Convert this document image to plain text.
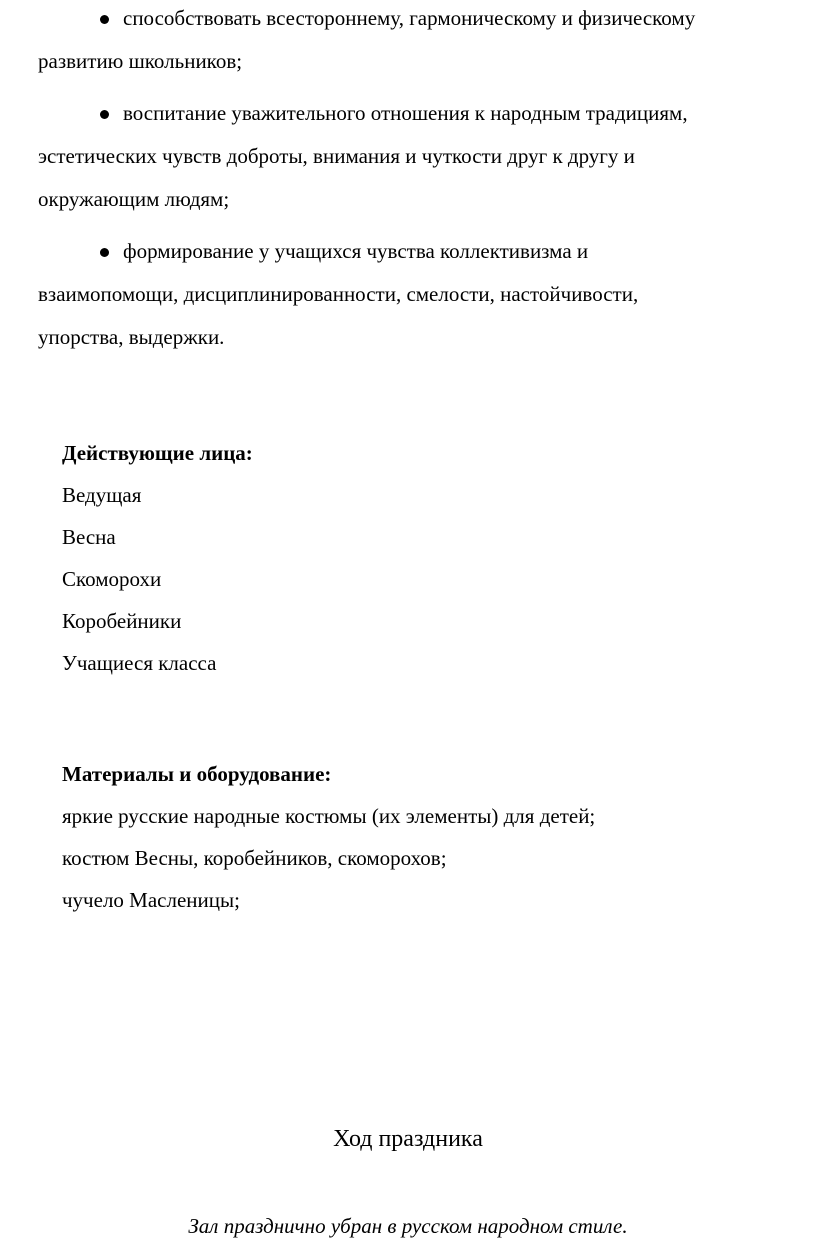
способствовать всестороннему, гармоническому и физическому
развитию школьников;
воспитание уважительного отношения к народным традициям,
эстетических чувств доброты, внимания и чуткости друг к другу и
окружающим людям;
формирование у учащихся чувства коллективизма и
взаимопомощи, дисциплинированности, смелости, настойчивости,
упорства, выдержки.
Действующие лица:
Ведущая
Весна
Скоморохи
Коробейники
Учащиеся класса
Материалы и оборудование:
яркие русские народные костюмы (их элементы) для детей;
костюм Весны, коробейников, скоморохов;
чучело Масленицы;
Ход праздника
Зал празднично убран в русском народном стиле.
